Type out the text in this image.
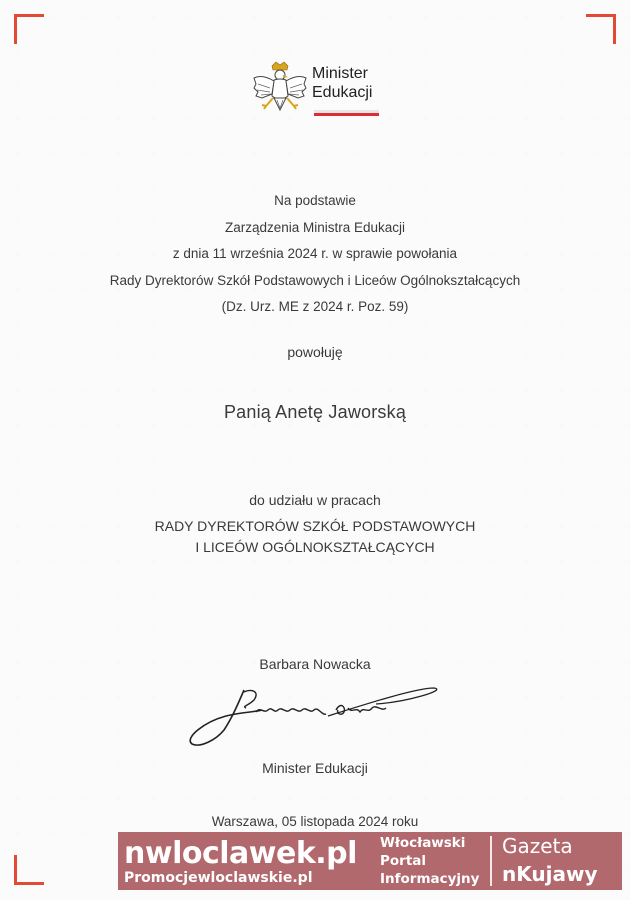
Minister
Edukacji
Na podstawie
Zarządzenia Ministra Edukacji
z dnia 11 września 2024 r. w sprawie powołania
Rady Dyrektorów Szkół Podstawowych i Liceów Ogólnokształcących
(Dz. Urz. ME z 2024 r. Poz. 59)
powołuję
Panią Anetę Jaworską
do udziału w pracach
RADY DYREKTORÓW SZKÓŁ PODSTAWOWYCH
I LICEÓW OGÓLNOKSZTAŁCĄCYCH
Barbara Nowacka
Minister Edukacji
Warszawa, 05 listopada 2024 roku
nwloclawek.pl
Promocjewloclawskie.pl
Włocławski
Portal
Informacyjny
Gazeta
nKujawy
